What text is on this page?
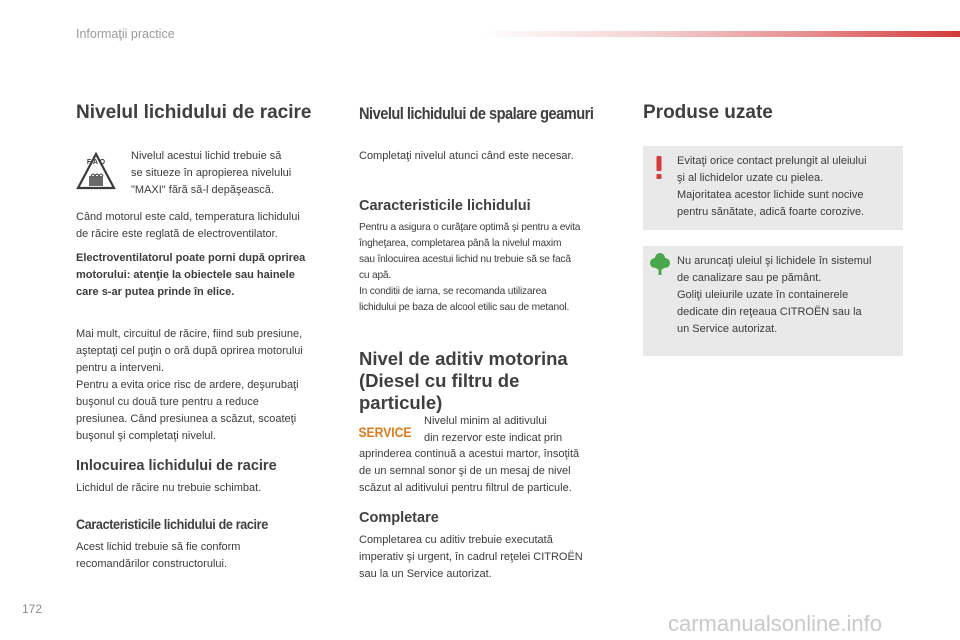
Informaţii practice
Nivelul lichidului de racire
F A O
Nivelul acestui lichid trebuie să
se situeze în apropierea nivelului
"MAXI" fără să-l depăşească.
Când motorul este cald, temperatura lichidului
de răcire este reglată de electroventilator.
Electroventilatorul poate porni după oprirea
motorului: atenţie la obiectele sau hainele
care s-ar putea prinde în elice.
Mai mult, circuitul de răcire, fiind sub presiune,
aşteptaţi cel puţin o oră după oprirea motorului
pentru a interveni.
Pentru a evita orice risc de ardere, deşurubaţi
buşonul cu două ture pentru a reduce
presiunea. Când presiunea a scăzut, scoateţi
buşonul şi completaţi nivelul.
Inlocuirea lichidului de racire
Lichidul de răcire nu trebuie schimbat.
Caracteristicile lichidului de racire
Acest lichid trebuie să fie conform
recomandărilor constructorului.
Nivelul lichidului de spalare geamuri
Completaţi nivelul atunci când este necesar.
Caracteristicile lichidului
Pentru a asigura o curăţare optimă şi pentru a evita
îngheţarea, completarea până la nivelul maxim
sau înlocuirea acestui lichid nu trebuie să se facă
cu apă.
In conditii de iarna, se recomanda utilizarea
lichidului pe baza de alcool etilic sau de metanol.
Nivel de aditiv motorina
(Diesel cu filtru de
particule)
SERVICE
Nivelul minim al aditivului
din rezervor este indicat prin
aprinderea continuă a acestui martor, însoţită
de un semnal sonor şi de un mesaj de nivel
scăzut al aditivului pentru filtrul de particule.
Completare
Completarea cu aditiv trebuie executată
imperativ şi urgent, în cadrul reţelei CITROËN
sau la un Service autorizat.
Produse uzate
Evitaţi orice contact prelungit al uleiului
şi al lichidelor uzate cu pielea.
Majoritatea acestor lichide sunt nocive
pentru sănătate, adică foarte corozive.
Nu aruncaţi uleiul şi lichidele în sistemul
de canalizare sau pe pământ.
Goliţi uleiurile uzate în containerele
dedicate din reţeaua CITROËN sau la
un Service autorizat.
172
carmanualsonline.info
